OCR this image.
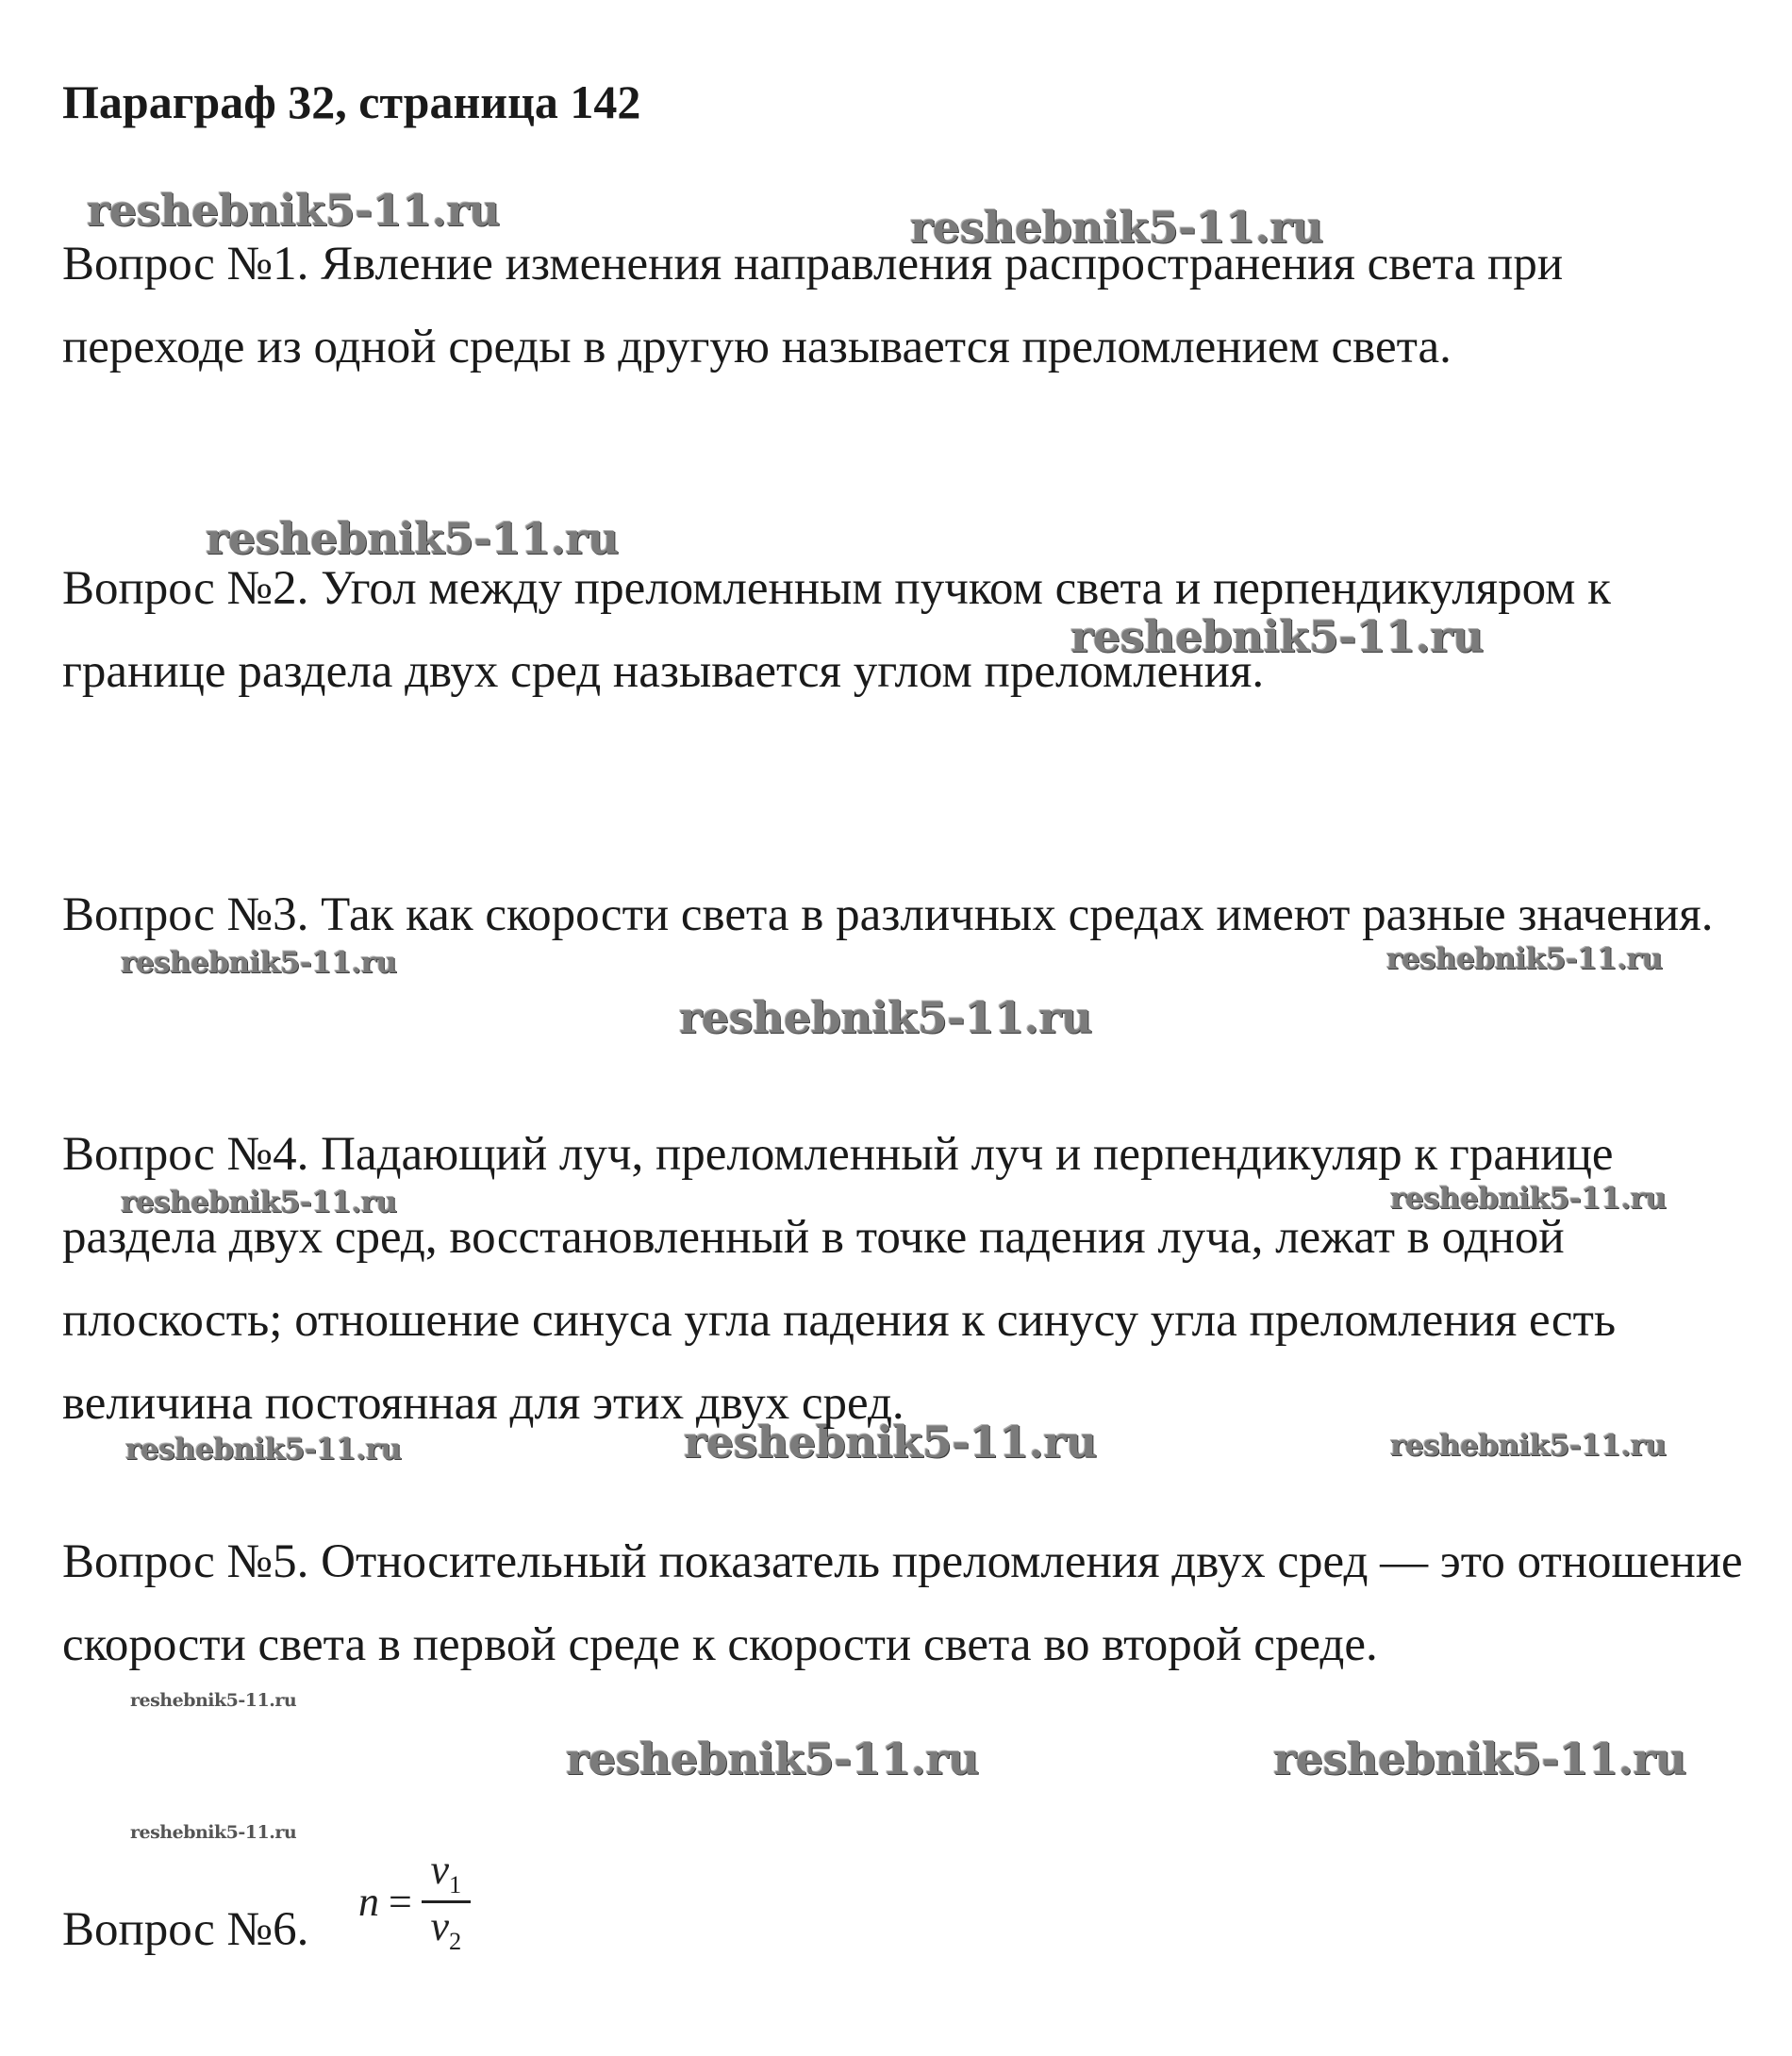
Параграф 32, страница 142
reshebnik5-11.ru	reshebnik5-11.ru
reshebnik5-11.ru
reshebnik5-11.ru
reshebnik5-11.ru	reshebnik5-11.ru
reshebnik5-11.ru
reshebnik5-11.ru	reshebnik5-11.ru
reshebnik5-11.ru	reshebnik5-11.ru	reshebnik5-11.ru
reshebnik5-11.ru
reshebnik5-11.ru	reshebnik5-11.ru
reshebnik5-11.ru

Вопрос №1. Явление изменения направления распространения света при переходе из одной среды в другую называется преломлением света.

Вопрос №2. Угол между преломленным пучком света и перпендикуляром к границе раздела двух сред называется углом преломления.

Вопрос №3. Так как скорости света в различных средах имеют разные значения.

Вопрос №4. Падающий луч, преломленный луч и перпендикуляр к границе раздела двух сред, восстановленный в точке падения луча, лежат в одной плоскость; отношение синуса угла падения к синусу угла преломления есть величина постоянная для этих двух сред.

Вопрос №5. Относительный показатель преломления двух сред — это отношение скорости света в первой среде к скорости света во второй среде.

Вопрос №6.

$n = \frac{v_1}{v_2}$
